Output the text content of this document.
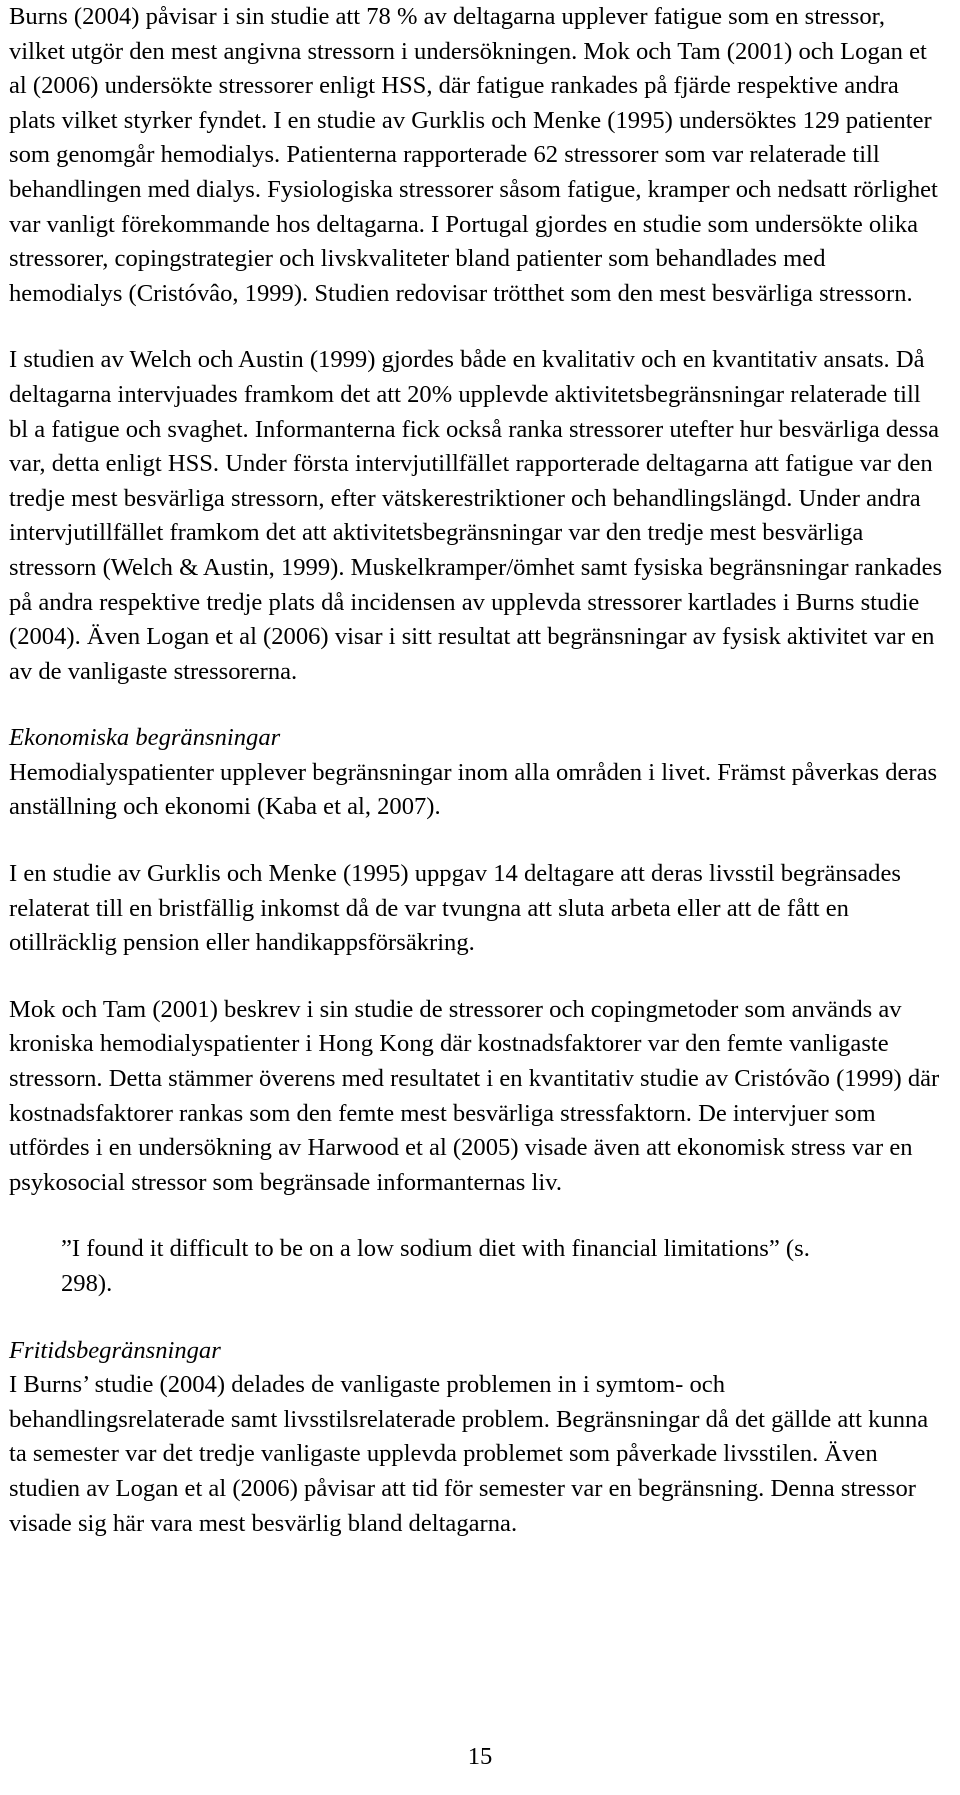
Burns (2004) påvisar i sin studie att 78 % av deltagarna upplever fatigue som en stressor, vilket utgör den mest angivna stressorn i undersökningen. Mok och Tam (2001) och Logan et al (2006) undersökte stressorer enligt HSS, där fatigue rankades på fjärde respektive andra plats vilket styrker fyndet. I en studie av Gurklis och Menke (1995) undersöktes 129 patienter som genomgår hemodialys. Patienterna rapporterade 62 stressorer som var relaterade till behandlingen med dialys. Fysiologiska stressorer såsom fatigue, kramper och nedsatt rörlighet var vanligt förekommande hos deltagarna. I Portugal gjordes en studie som undersökte olika stressorer, copingstrategier och livskvaliteter bland patienter som behandlades med hemodialys (Cristóvâo, 1999). Studien redovisar trötthet som den mest besvärliga stressorn.

I studien av Welch och Austin (1999) gjordes både en kvalitativ och en kvantitativ ansats. Då deltagarna intervjuades framkom det att 20% upplevde aktivitetsbegränsningar relaterade till bl a fatigue och svaghet. Informanterna fick också ranka stressorer utefter hur besvärliga dessa var, detta enligt HSS. Under första intervjutillfället rapporterade deltagarna att fatigue var den tredje mest besvärliga stressorn, efter vätskerestriktioner och behandlingslängd. Under andra intervjutillfället framkom det att aktivitetsbegränsningar var den tredje mest besvärliga stressorn (Welch & Austin, 1999). Muskelkramper/ömhet samt fysiska begränsningar rankades på andra respektive tredje plats då incidensen av upplevda stressorer kartlades i Burns studie (2004). Även Logan et al (2006) visar i sitt resultat att begränsningar av fysisk aktivitet var en av de vanligaste stressorerna.

Ekonomiska begränsningar

Hemodialyspatienter upplever begränsningar inom alla områden i livet. Främst påverkas deras anställning och ekonomi (Kaba et al, 2007).

I en studie av Gurklis och Menke (1995) uppgav 14 deltagare att deras livsstil begränsades relaterat till en bristfällig inkomst då de var tvungna att sluta arbeta eller att de fått en otillräcklig pension eller handikappsförsäkring.

Mok och Tam (2001) beskrev i sin studie de stressorer och copingmetoder som används av kroniska hemodialyspatienter i Hong Kong där kostnadsfaktorer var den femte vanligaste stressorn. Detta stämmer överens med resultatet i en kvantitativ studie av Cristóvão (1999) där kostnadsfaktorer rankas som den femte mest besvärliga stressfaktorn. De intervjuer som utfördes i en undersökning av Harwood et al (2005) visade även att ekonomisk stress var en psykosocial stressor som begränsade informanternas liv.

”I found it difficult to be on a low sodium diet with financial limitations” (s. 298).

Fritidsbegränsningar

I Burns’ studie (2004) delades de vanligaste problemen in i symtom- och behandlingsrelaterade samt livsstilsrelaterade problem. Begränsningar då det gällde att kunna ta semester var det tredje vanligaste upplevda problemet som påverkade livsstilen. Även studien av Logan et al (2006) påvisar att tid för semester var en begränsning. Denna stressor visade sig här vara mest besvärlig bland deltagarna.

15
